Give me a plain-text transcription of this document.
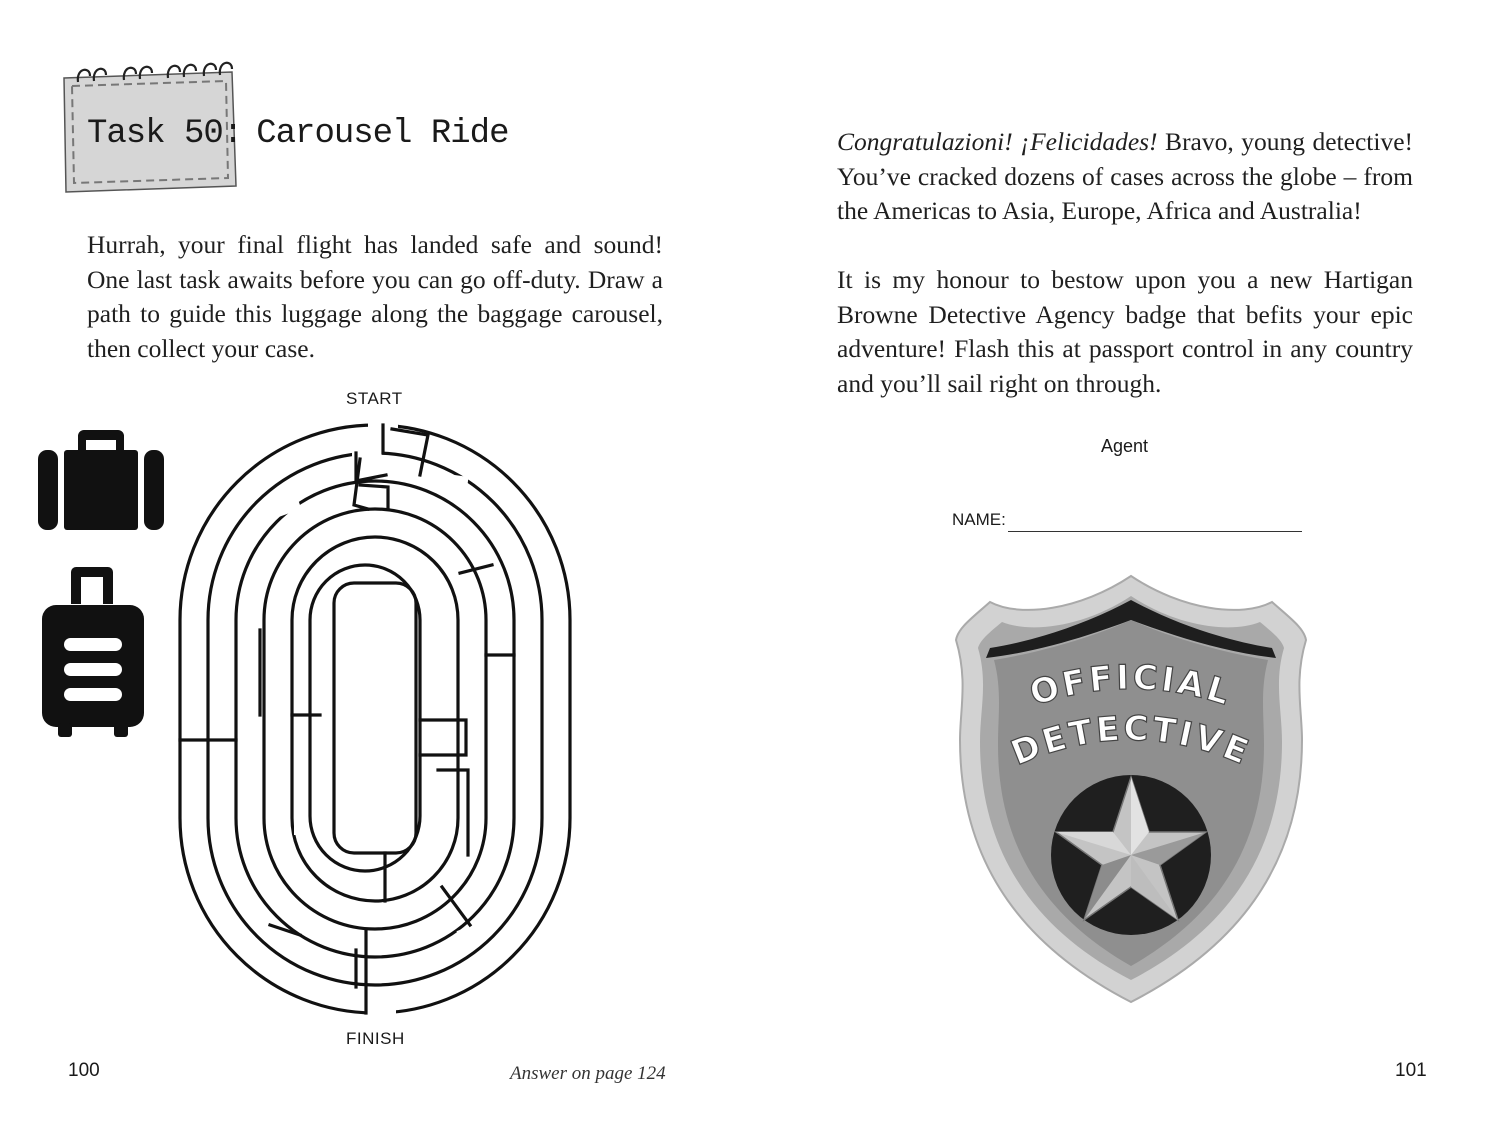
Task 50: Carousel Ride

Hurrah, your final flight has landed safe and sound! One last task awaits before you can go off-duty. Draw a path to guide this luggage along the baggage carousel, then collect your case.

START

FINISH

100	Answer on page 124

Congratulazioni! ¡Felicidades! Bravo, young detective! You’ve cracked dozens of cases across the globe – from the Americas to Asia, Europe, Africa and Australia!

It is my honour to bestow upon you a new Hartigan Browne Detective Agency badge that befits your epic adventure! Flash this at passport control in any country and you’ll sail right on through.

Agent

NAME:

OFFICIAL
DETECTIVE

101
